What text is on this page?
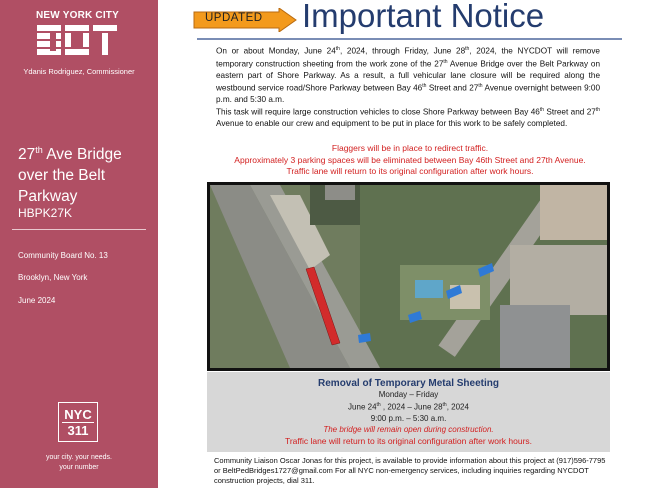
NEW YORK CITY
Ydanis Rodriguez, Commissioner
27th Ave Bridge over the Belt Parkway
HBPK27K
Community Board No. 13
Brooklyn, New York
June 2024
NYC
311
your city. your needs.
your number
UPDATED Important Notice
On or about Monday, June 24th, 2024, through Friday, June 28th, 2024, the NYCDOT will remove temporary construction sheeting from the work zone of the 27th Avenue Bridge over the Belt Parkway on eastern part of Shore Parkway. As a result, a full vehicular lane closure will be required along the westbound service road/Shore Parkway between Bay 46th Street and 27th Avenue overnight between 9:00 p.m. and 5:30 a.m.
This task will require large construction vehicles to close Shore Parkway between Bay 46th Street and 27th Avenue to enable our crew and equipment to be put in place for this work to be safely completed.
Flaggers will be in place to redirect traffic.
Approximately 3 parking spaces will be eliminated between Bay 46th Street and 27th Avenue.
Traffic lane will return to its original configuration after work hours.
Removal of Temporary Metal Sheeting
Monday – Friday
June 24th , 2024 – June 28th, 2024
9:00 p.m. – 5:30 a.m.
The bridge will remain open during construction.
Traffic lane will return to its original configuration after work hours.
Community Liaison Oscar Jonas for this project, is available to provide information about this project at (917)596-7795 or BeltPedBridges1727@gmail.com For all NYC non-emergency services, including inquiries regarding NYCDOT construction projects, dial 311.
